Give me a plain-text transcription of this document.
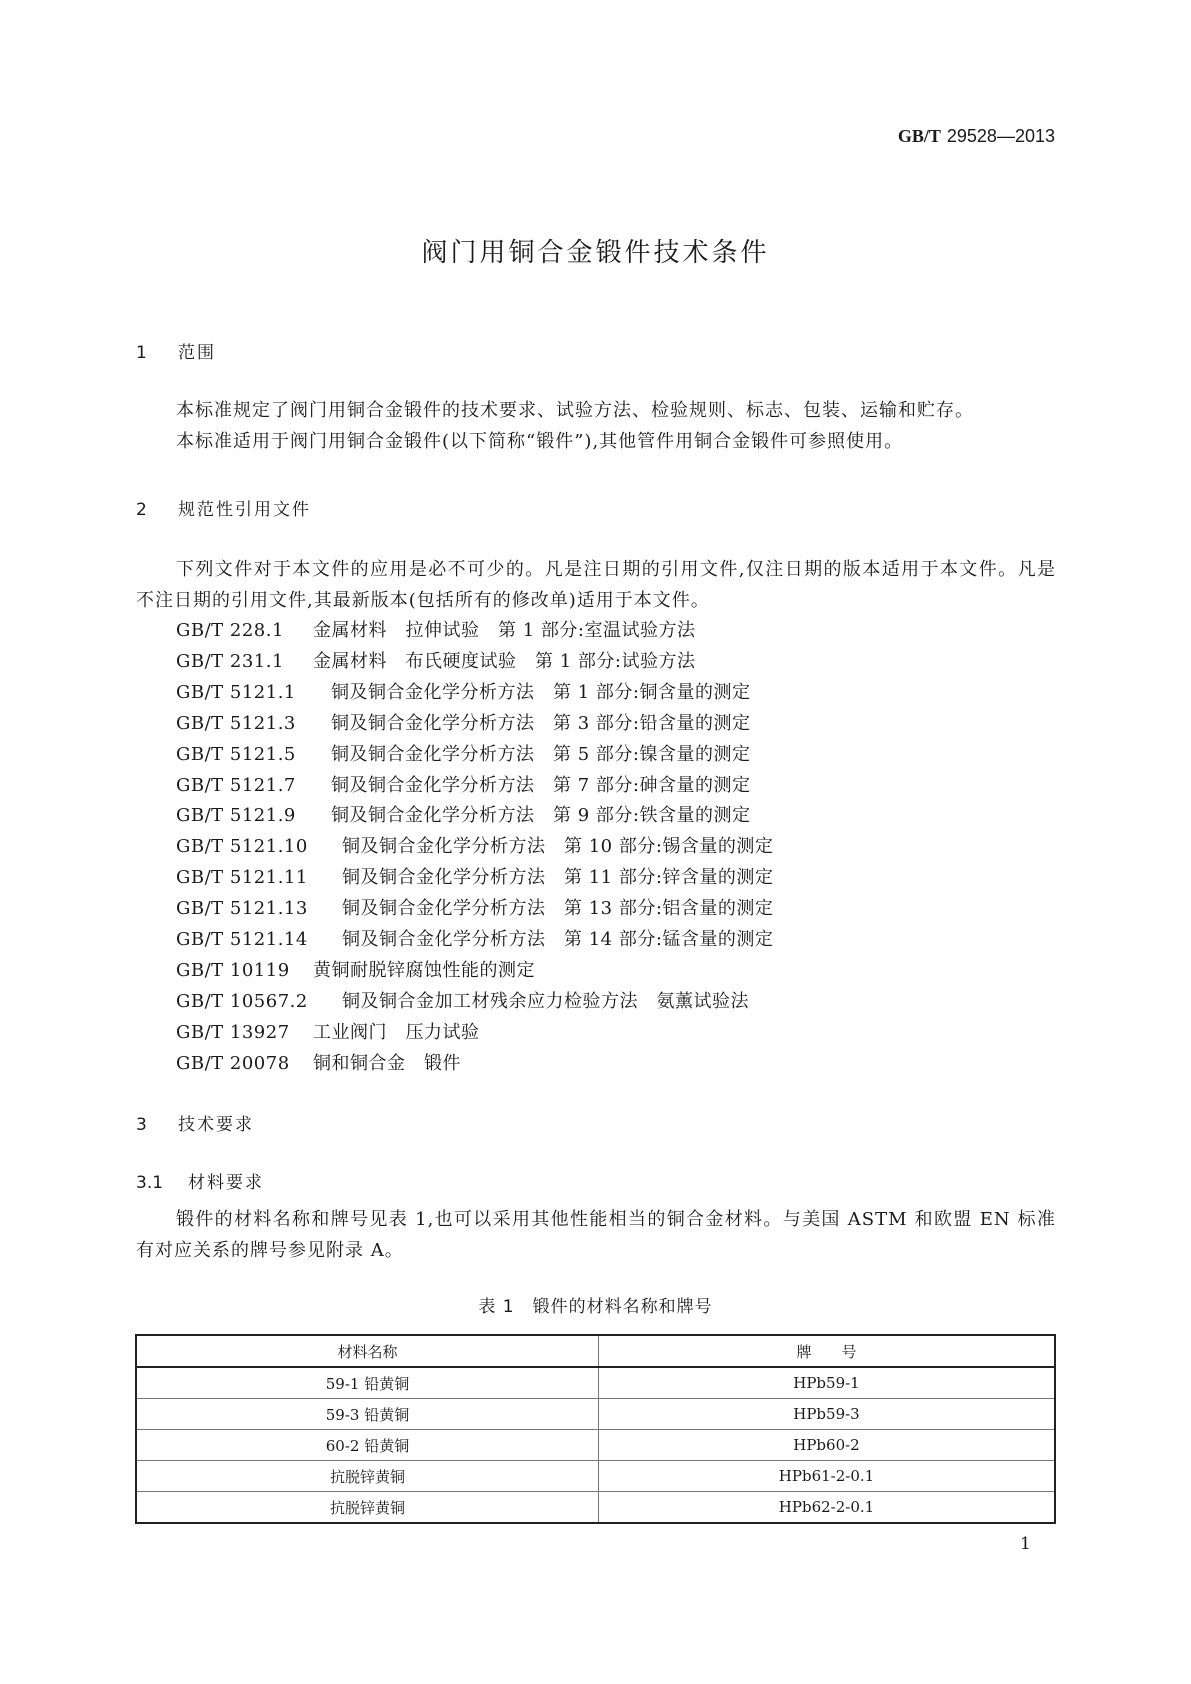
GB/T 29528—2013
阀门用铜合金锻件技术条件
1 范围
本标准规定了阀门用铜合金锻件的技术要求、试验方法、检验规则、标志、包装、运输和贮存。
本标准适用于阀门用铜合金锻件(以下简称“锻件”),其他管件用铜合金锻件可参照使用。
2 规范性引用文件
下列文件对于本文件的应用是必不可少的。凡是注日期的引用文件,仅注日期的版本适用于本文件。凡是不注日期的引用文件,其最新版本(包括所有的修改单)适用于本文件。
GB/T 228.1 金属材料　拉伸试验　第 1 部分:室温试验方法
GB/T 231.1 金属材料　布氏硬度试验　第 1 部分:试验方法
GB/T 5121.1 铜及铜合金化学分析方法　第 1 部分:铜含量的测定
GB/T 5121.3 铜及铜合金化学分析方法　第 3 部分:铅含量的测定
GB/T 5121.5 铜及铜合金化学分析方法　第 5 部分:镍含量的测定
GB/T 5121.7 铜及铜合金化学分析方法　第 7 部分:砷含量的测定
GB/T 5121.9 铜及铜合金化学分析方法　第 9 部分:铁含量的测定
GB/T 5121.10 铜及铜合金化学分析方法　第 10 部分:锡含量的测定
GB/T 5121.11 铜及铜合金化学分析方法　第 11 部分:锌含量的测定
GB/T 5121.13 铜及铜合金化学分析方法　第 13 部分:铝含量的测定
GB/T 5121.14 铜及铜合金化学分析方法　第 14 部分:锰含量的测定
GB/T 10119 黄铜耐脱锌腐蚀性能的测定
GB/T 10567.2 铜及铜合金加工材残余应力检验方法　氨薰试验法
GB/T 13927 工业阀门　压力试验
GB/T 20078 铜和铜合金　锻件
3 技术要求
3.1 材料要求
锻件的材料名称和牌号见表 1,也可以采用其他性能相当的铜合金材料。与美国 ASTM 和欧盟 EN 标准有对应关系的牌号参见附录 A。
表 1 锻件的材料名称和牌号
材料名称	牌　　号
59-1 铅黄铜	HPb59-1
59-3 铅黄铜	HPb59-3
60-2 铅黄铜	HPb60-2
抗脱锌黄铜	HPb61-2-0.1
抗脱锌黄铜	HPb62-2-0.1
1
